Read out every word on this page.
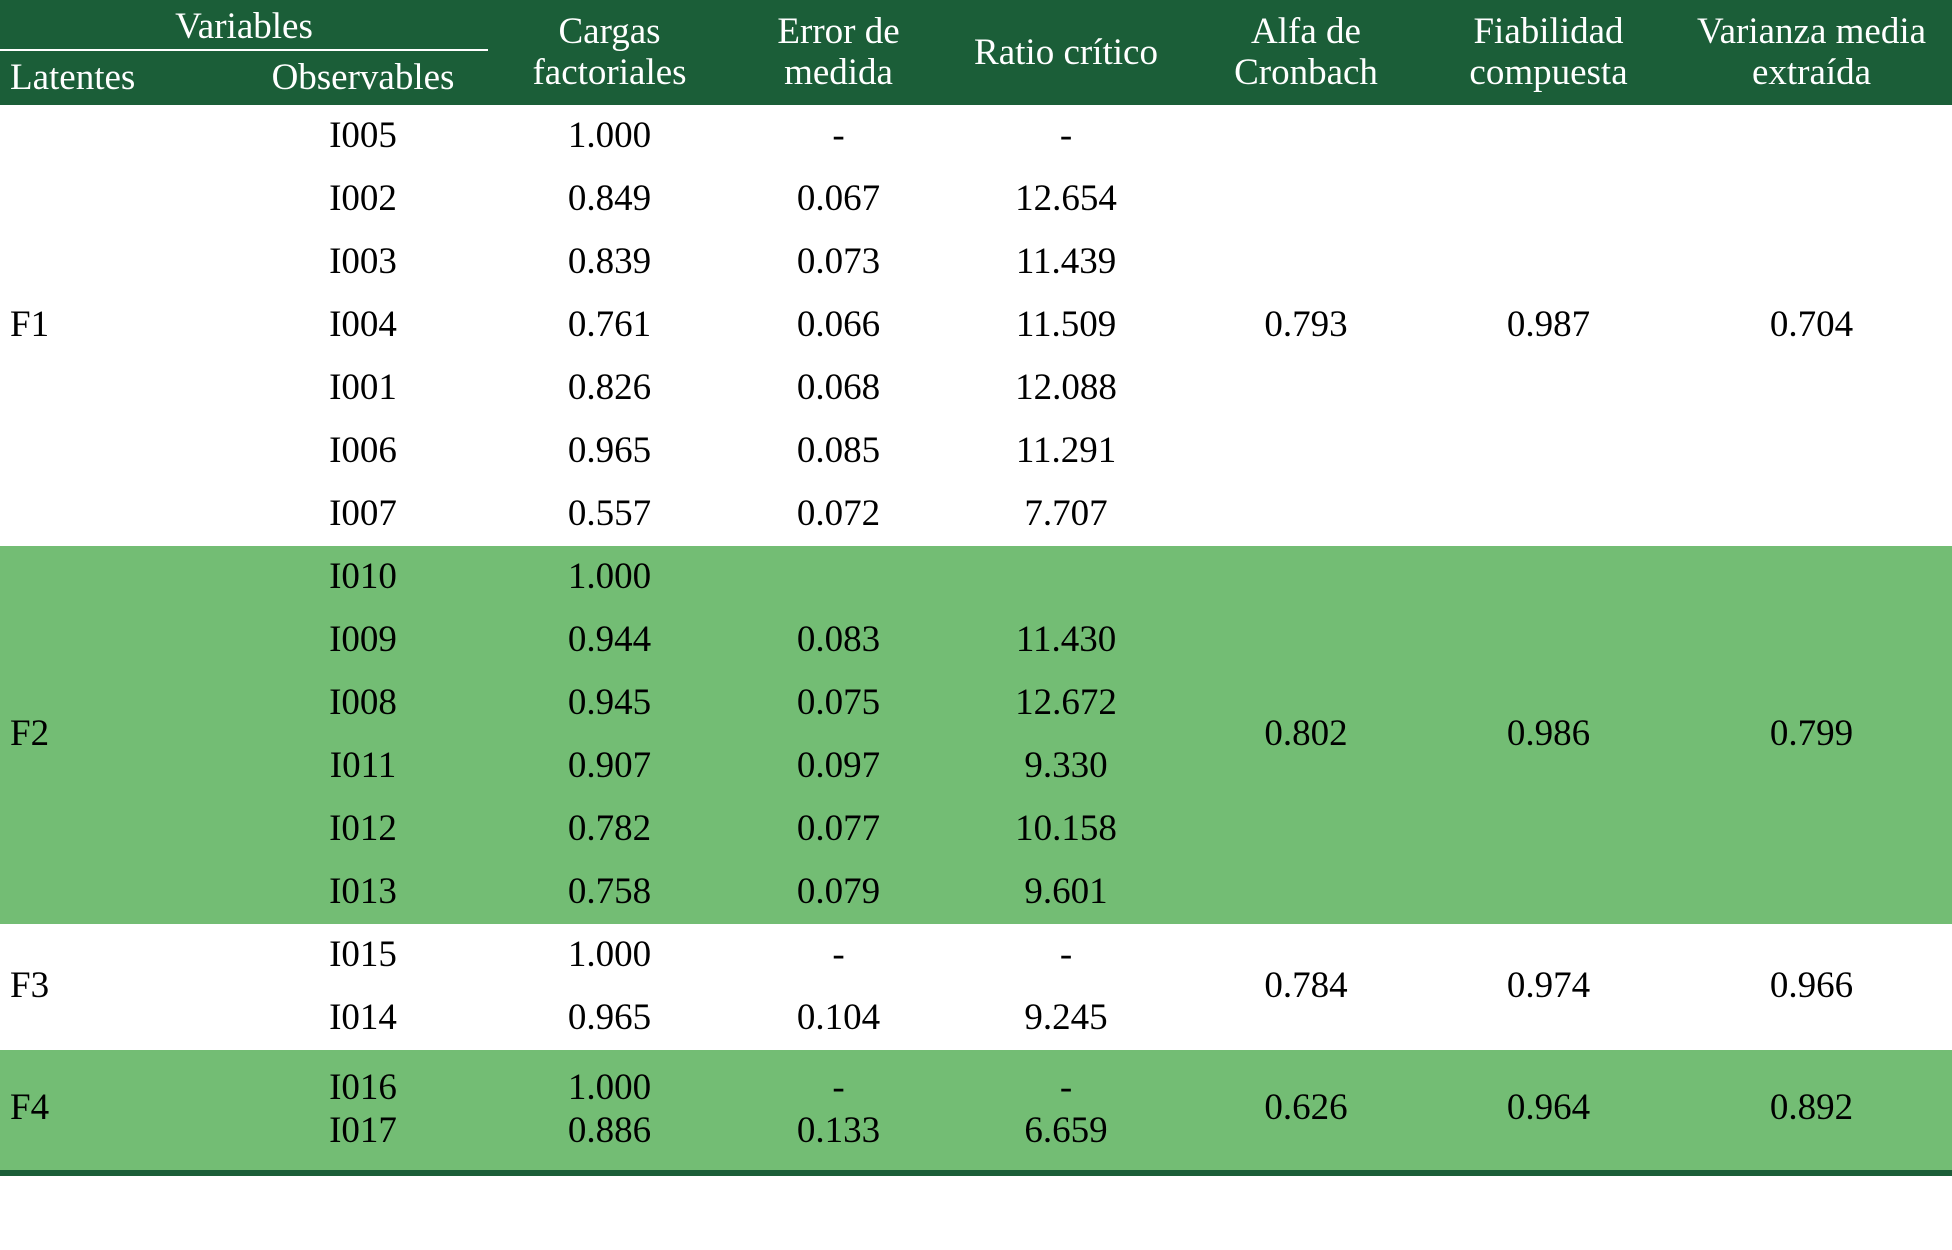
Variables		Cargas factoriales	Error de medida	Ratio crítico	Alfa de Cronbach	Fiabilidad compuesta	Varianza media extraída
Latentes	Observables						
F1	I005	1.000	-	-	0.793	0.987	0.704
	I002	0.849	0.067	12.654			
	I003	0.839	0.073	11.439			
	I004	0.761	0.066	11.509			
	I001	0.826	0.068	12.088			
	I006	0.965	0.085	11.291			
	I007	0.557	0.072	7.707			
F2	I010	1.000			0.802	0.986	0.799
	I009	0.944	0.083	11.430			
	I008	0.945	0.075	12.672			
	I011	0.907	0.097	9.330			
	I012	0.782	0.077	10.158			
	I013	0.758	0.079	9.601			
F3	I015	1.000	-	-	0.784	0.974	0.966
	I014	0.965	0.104	9.245			
F4	I016	1.000	-	-	0.626	0.964	0.892
	I017	0.886	0.133	6.659			
